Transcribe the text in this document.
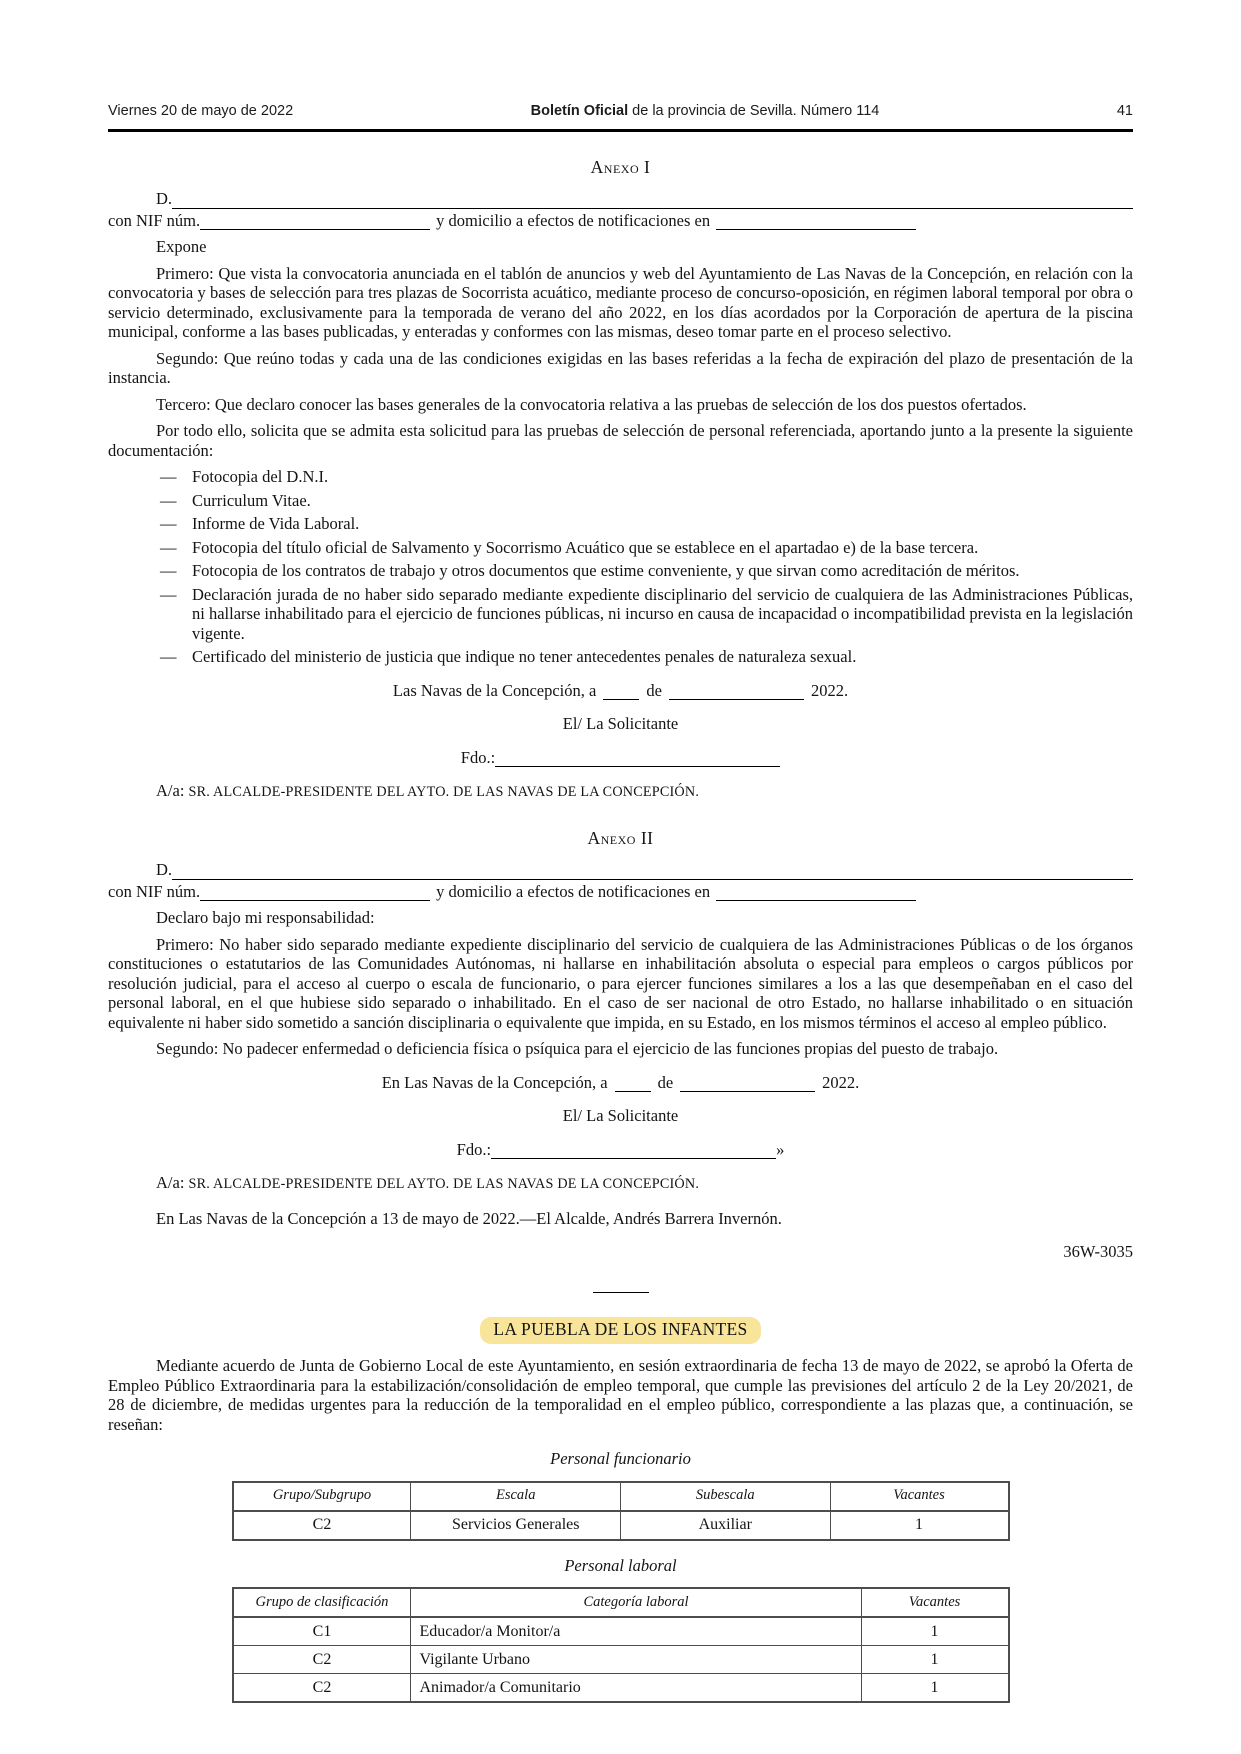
Viernes 20 de mayo de 2022	Boletín Oficial de la provincia de Sevilla. Número 114	41
Anexo I
D.
con NIF núm.	y domicilio a efectos de notificaciones en

Expone

Primero: Que vista la convocatoria anunciada en el tablón de anuncios y web del Ayuntamiento de Las Navas de la Concepción, en relación con la convocatoria y bases de selección para tres plazas de Socorrista acuático, mediante proceso de concurso-oposición, en régimen laboral temporal por obra o servicio determinado, exclusivamente para la temporada de verano del año 2022, en los días acordados por la Corporación de apertura de la piscina municipal, conforme a las bases publicadas, y enteradas y conformes con las mismas, deseo tomar parte en el proceso selectivo.

Segundo: Que reúno todas y cada una de las condiciones exigidas en las bases referidas a la fecha de expiración del plazo de presentación de la instancia.

Tercero: Que declaro conocer las bases generales de la convocatoria relativa a las pruebas de selección de los dos puestos ofertados.

Por todo ello, solicita que se admita esta solicitud para las pruebas de selección de personal referenciada, aportando junto a la presente la siguiente documentación:

— Fotocopia del D.N.I.
— Curriculum Vitae.
— Informe de Vida Laboral.
— Fotocopia del título oficial de Salvamento y Socorrismo Acuático que se establece en el apartadao e) de la base tercera.
— Fotocopia de los contratos de trabajo y otros documentos que estime conveniente, y que sirvan como acreditación de méritos.
— Declaración jurada de no haber sido separado mediante expediente disciplinario del servicio de cualquiera de las Administraciones Públicas, ni hallarse inhabilitado para el ejercicio de funciones públicas, ni incurso en causa de incapacidad o incompatibilidad prevista en la legislación vigente.
— Certificado del ministerio de justicia que indique no tener antecedentes penales de naturaleza sexual.
Las Navas de la Concepción, a	de	2022.
El/ La Solicitante
Fdo.:

A/a: SR. ALCALDE-PRESIDENTE DEL AYTO. DE LAS NAVAS DE LA CONCEPCIÓN.

Anexo II
D.
con NIF núm.	y domicilio a efectos de notificaciones en

Declaro bajo mi responsabilidad:

Primero: No haber sido separado mediante expediente disciplinario del servicio de cualquiera de las Administraciones Públicas o de los órganos constituciones o estatutarios de las Comunidades Autónomas, ni hallarse en inhabilitación absoluta o especial para empleos o cargos públicos por resolución judicial, para el acceso al cuerpo o escala de funcionario, o para ejercer funciones similares a los a las que desempeñaban en el caso del personal laboral, en el que hubiese sido separado o inhabilitado. En el caso de ser nacional de otro Estado, no hallarse inhabilitado o en situación equivalente ni haber sido sometido a sanción disciplinaria o equivalente que impida, en su Estado, en los mismos términos el acceso al empleo público.

Segundo: No padecer enfermedad o deficiencia física o psíquica para el ejercicio de las funciones propias del puesto de trabajo.

En Las Navas de la Concepción, a	de	2022.
El/ La Solicitante
Fdo.:	»

A/a: SR. ALCALDE-PRESIDENTE DEL AYTO. DE LAS NAVAS DE LA CONCEPCIÓN.

En Las Navas de la Concepción a 13 de mayo de 2022.—El Alcalde, Andrés Barrera Invernón.

36W-3035

LA PUEBLA DE LOS INFANTES

Mediante acuerdo de Junta de Gobierno Local de este Ayuntamiento, en sesión extraordinaria de fecha 13 de mayo de 2022, se aprobó la Oferta de Empleo Público Extraordinaria para la estabilización/consolidación de empleo temporal, que cumple las previsiones del artículo 2 de la Ley 20/2021, de 28 de diciembre, de medidas urgentes para la reducción de la temporalidad en el empleo público, correspondiente a las plazas que, a continuación, se reseñan:

Personal funcionario
Grupo/Subgrupo	Escala	Subescala	Vacantes
C2	Servicios Generales	Auxiliar	1
Personal laboral
Grupo de clasificación	Categoría laboral	Vacantes
C1	Educador/a Monitor/a	1
C2	Vigilante Urbano	1
C2	Animador/a Comunitario	1
